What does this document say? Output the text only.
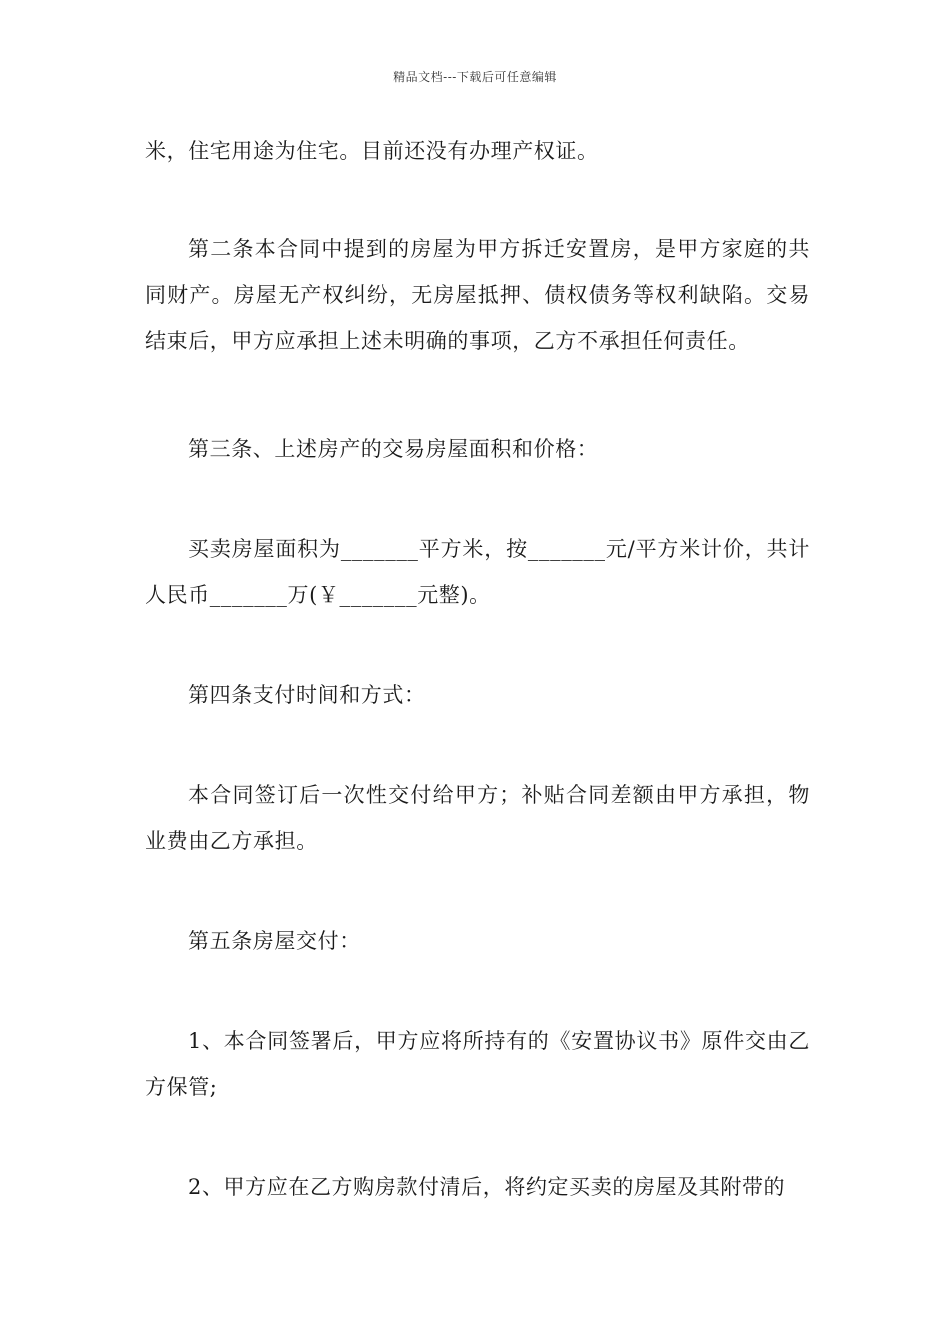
精品文档---下载后可任意编辑

米，住宅用途为住宅。目前还没有办理产权证。

第二条本合同中提到的房屋为甲方拆迁安置房，是甲方家庭的共同财产。房屋无产权纠纷，无房屋抵押、债权债务等权利缺陷。交易结束后，甲方应承担上述未明确的事项，乙方不承担任何责任。

第三条、上述房产的交易房屋面积和价格：

买卖房屋面积为_______平方米，按_______元/平方米计价，共计人民币_______万(￥_______元整)。

第四条支付时间和方式：

本合同签订后一次性交付给甲方；补贴合同差额由甲方承担，物业费由乙方承担。

第五条房屋交付：

1、本合同签署后，甲方应将所持有的《安置协议书》原件交由乙方保管;

2、甲方应在乙方购房款付清后，将约定买卖的房屋及其附带的
